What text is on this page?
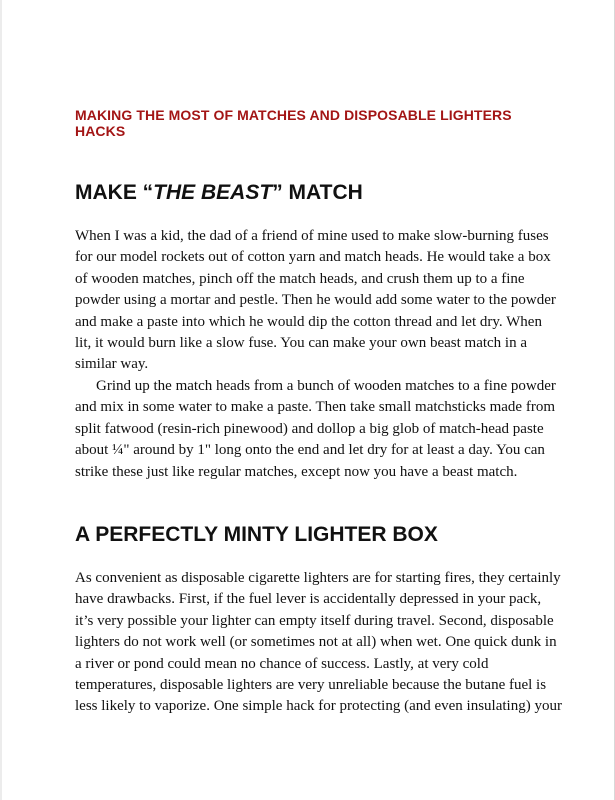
MAKING THE MOST OF MATCHES AND DISPOSABLE LIGHTERS
HACKS
MAKE “THE BEAST” MATCH
When I was a kid, the dad of a friend of mine used to make slow-burning fuses
for our model rockets out of cotton yarn and match heads. He would take a box
of wooden matches, pinch off the match heads, and crush them up to a fine
powder using a mortar and pestle. Then he would add some water to the powder
and make a paste into which he would dip the cotton thread and let dry. When
lit, it would burn like a slow fuse. You can make your own beast match in a
similar way.
Grind up the match heads from a bunch of wooden matches to a fine powder
and mix in some water to make a paste. Then take small matchsticks made from
split fatwood (resin-rich pinewood) and dollop a big glob of match-head paste
about ¼" around by 1" long onto the end and let dry for at least a day. You can
strike these just like regular matches, except now you have a beast match.
A PERFECTLY MINTY LIGHTER BOX
As convenient as disposable cigarette lighters are for starting fires, they certainly
have drawbacks. First, if the fuel lever is accidentally depressed in your pack,
it’s very possible your lighter can empty itself during travel. Second, disposable
lighters do not work well (or sometimes not at all) when wet. One quick dunk in
a river or pond could mean no chance of success. Lastly, at very cold
temperatures, disposable lighters are very unreliable because the butane fuel is
less likely to vaporize. One simple hack for protecting (and even insulating) your
